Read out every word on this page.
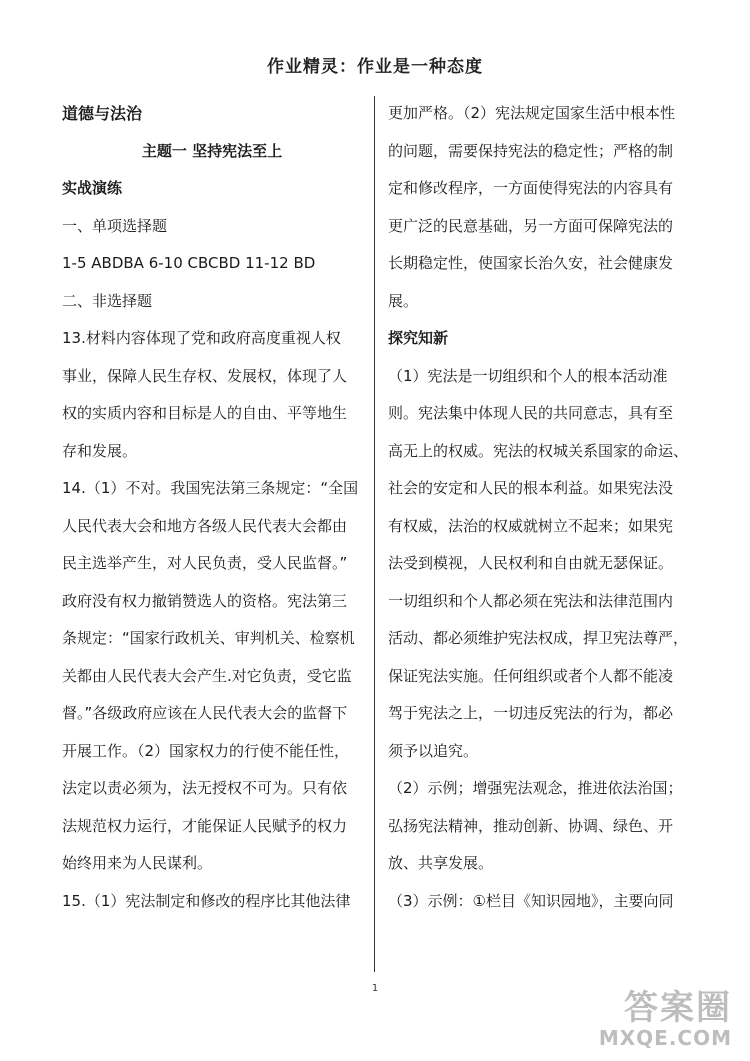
作业精灵：作业是一种态度
道德与法治
主题一 坚持宪法至上
实战演练
一、单项选择题
1-5 ABDBA 6-10 CBCBD 11-12 BD
二、非选择题
13.材料内容体现了党和政府高度重视人权
事业，保障人民生存权、发展权，体现了人
权的实质内容和目标是人的自由、平等地生
存和发展。
14.（1）不对。我国宪法第三条规定：“全国
人民代表大会和地方各级人民代表大会都由
民主选举产生，对人民负责，受人民监督。”
政府没有权力撤销赞选人的资格。宪法第三
条规定：“国家行政机关、审判机关、检察机
关都由人民代表大会产生.对它负责，受它监
督。”各级政府应该在人民代表大会的监督下
开展工作。（2）国家权力的行使不能任性，
法定以责必须为，法无授权不可为。只有依
法规范权力运行，才能保证人民赋予的权力
始终用来为人民谋利。
15.（1）宪法制定和修改的程序比其他法律
更加严格。（2）宪法规定国家生活中根本性
的问题，需要保持宪法的稳定性；严格的制
定和修改程序，一方面使得宪法的内容具有
更广泛的民意基础，另一方面可保障宪法的
长期稳定性，使国家长治久安，社会健康发
展。
探究知新
（1）宪法是一切组织和个人的根本活动准
则。宪法集中体现人民的共同意志，具有至
高无上的权威。宪法的权城关系国家的命运、
社会的安定和人民的根本利益。如果宪法没
有权威，法治的权威就树立不起来；如果宪
法受到模视，人民权利和自由就无瑟保证。
一切组织和个人都必须在宪法和法律范围内
活动、都必须维护宪法权成，捍卫宪法尊严，
保证宪法实施。任何组织或者个人都不能凌
驾于宪法之上，一切违反宪法的行为，都必
须予以追究。
（2）示例；增强宪法观念，推进依法治国；
弘扬宪法精神，推动创新、协调、绿色、开
放、共享发展。
（3）示例：①栏目《知识园地》，主要向同
1	答案圈
MXQE.COM
